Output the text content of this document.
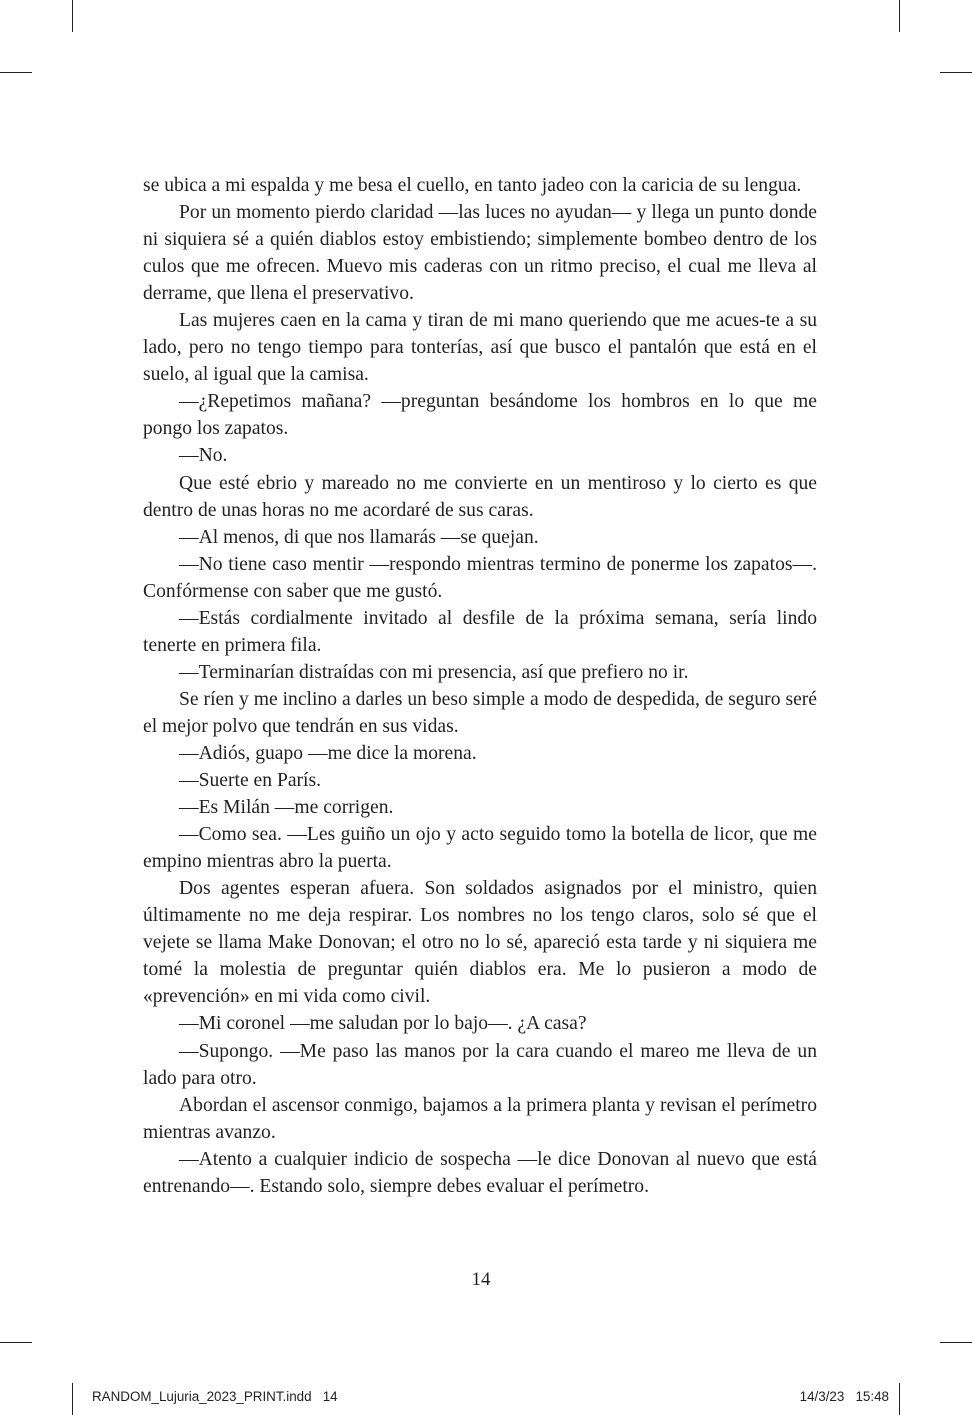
se ubica a mi espalda y me besa el cuello, en tanto jadeo con la caricia de su lengua.

Por un momento pierdo claridad —las luces no ayudan— y llega un punto donde ni siquiera sé a quién diablos estoy embistiendo; simplemente bombeo dentro de los culos que me ofrecen. Muevo mis caderas con un ritmo preciso, el cual me lleva al derrame, que llena el preservativo.

Las mujeres caen en la cama y tiran de mi mano queriendo que me acues-te a su lado, pero no tengo tiempo para tonterías, así que busco el pantalón que está en el suelo, al igual que la camisa.

—¿Repetimos mañana? —preguntan besándome los hombros en lo que me pongo los zapatos.

—No.

Que esté ebrio y mareado no me convierte en un mentiroso y lo cierto es que dentro de unas horas no me acordaré de sus caras.

—Al menos, di que nos llamarás —se quejan.

—No tiene caso mentir —respondo mientras termino de ponerme los zapatos—. Confórmense con saber que me gustó.

—Estás cordialmente invitado al desfile de la próxima semana, sería lindo tenerte en primera fila.

—Terminarían distraídas con mi presencia, así que prefiero no ir.

Se ríen y me inclino a darles un beso simple a modo de despedida, de seguro seré el mejor polvo que tendrán en sus vidas.

—Adiós, guapo —me dice la morena.

—Suerte en París.

—Es Milán —me corrigen.

—Como sea. —Les guiño un ojo y acto seguido tomo la botella de licor, que me empino mientras abro la puerta.

Dos agentes esperan afuera. Son soldados asignados por el ministro, quien últimamente no me deja respirar. Los nombres no los tengo claros, solo sé que el vejete se llama Make Donovan; el otro no lo sé, apareció esta tarde y ni siquiera me tomé la molestia de preguntar quién diablos era. Me lo pusieron a modo de «prevención» en mi vida como civil.

—Mi coronel —me saludan por lo bajo—. ¿A casa?

—Supongo. —Me paso las manos por la cara cuando el mareo me lleva de un lado para otro.

Abordan el ascensor conmigo, bajamos a la primera planta y revisan el perímetro mientras avanzo.

—Atento a cualquier indicio de sospecha —le dice Donovan al nuevo que está entrenando—. Estando solo, siempre debes evaluar el perímetro.

14
RANDOM_Lujuria_2023_PRINT.indd   14	14/3/23   15:48
